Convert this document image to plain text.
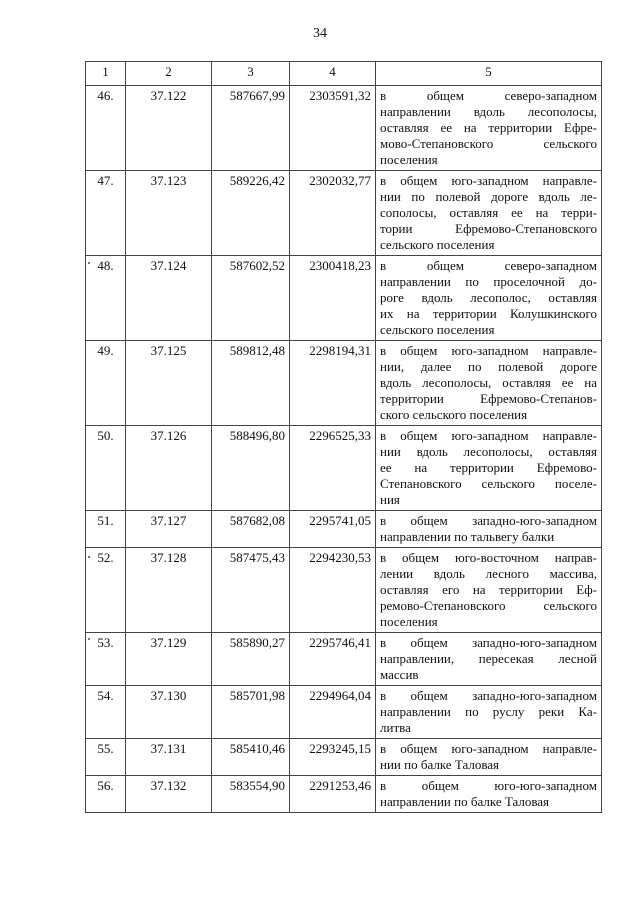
34
1	2	3	4	5
46.	37.122	587667,99	2303591,32	в общем северо-западном
направлении вдоль лесополосы,
оставляя ее на территории Ефре-
мово-Степановского сельского
поселения

47.	37.123	589226,42	2302032,77	в общем юго-западном направле-
нии по полевой дороге вдоль ле-
сополосы, оставляя ее на терри-
тории Ефремово-Степановского
сельского поселения

48.	37.124	587602,52	2300418,23	в общем северо-западном
направлении по проселочной до-
роге вдоль лесополос, оставляя
их на территории Колушкинского
сельского поселения

49.	37.125	589812,48	2298194,31	в общем юго-западном направле-
нии, далее по полевой дороге
вдоль лесополосы, оставляя ее на
территории Ефремово-Степанов-
ского сельского поселения

50.	37.126	588496,80	2296525,33	в общем юго-западном направле-
нии вдоль лесополосы, оставляя
ее на территории Ефремово-
Степановского сельского поселе-
ния

51.	37.127	587682,08	2295741,05	в общем западно-юго-западном
направлении по тальвегу балки

52.	37.128	587475,43	2294230,53	в общем юго-восточном направ-
лении вдоль лесного массива,
оставляя его на территории Еф-
ремово-Степановского сельского
поселения

53.	37.129	585890,27	2295746,41	в общем западно-юго-западном
направлении, пересекая лесной
массив

54.	37.130	585701,98	2294964,04	в общем западно-юго-западном
направлении по руслу реки Ка-
литва

55.	37.131	585410,46	2293245,15	в общем юго-западном направле-
нии по балке Таловая

56.	37.132	583554,90	2291253,46	в общем юго-юго-западном
направлении по балке Таловая
